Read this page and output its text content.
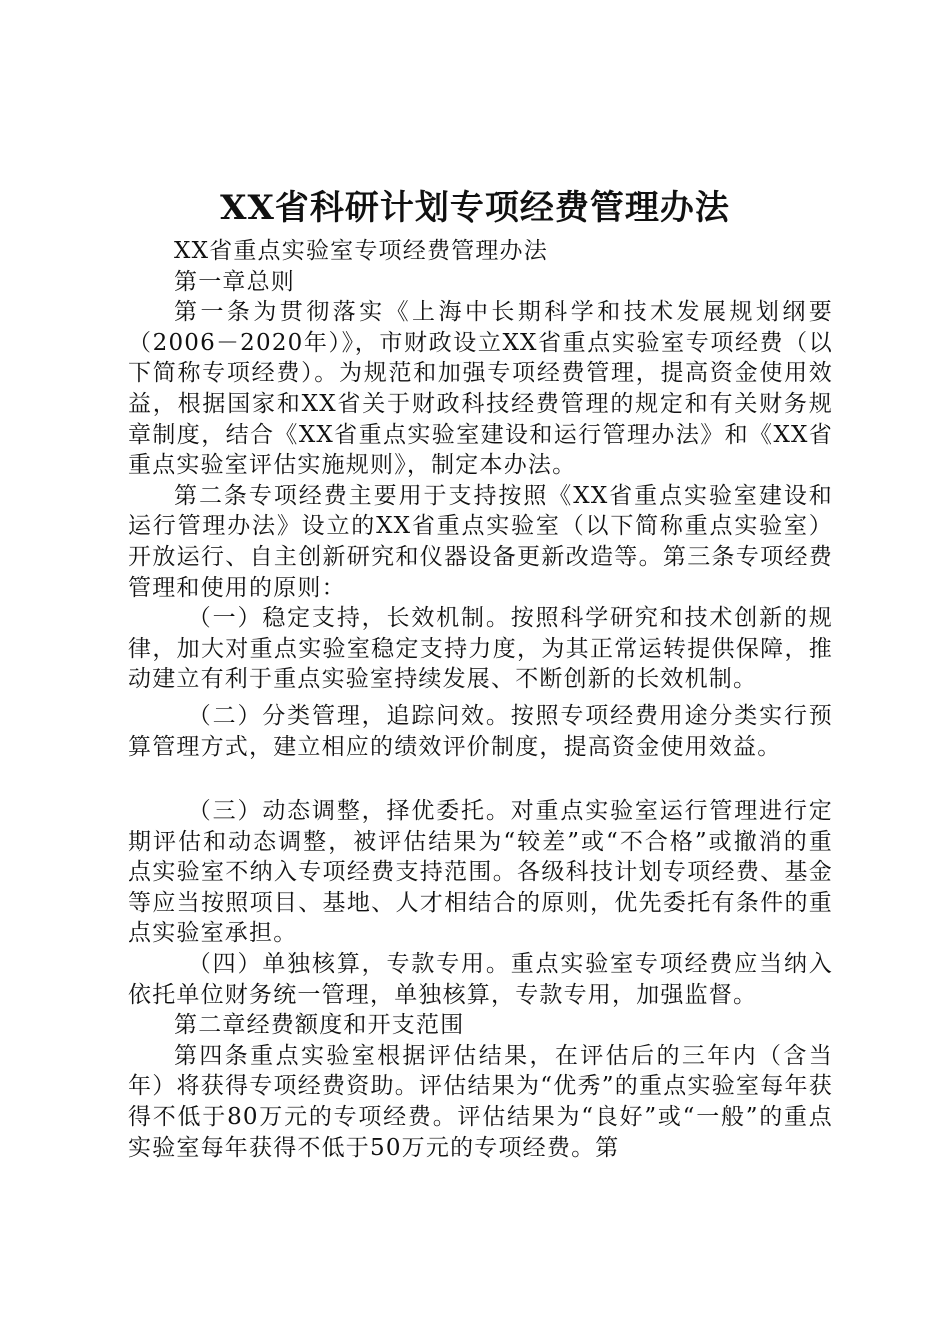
XX省科研计划专项经费管理办法

XX省重点实验室专项经费管理办法

第一章总则

第一条为贯彻落实《上海中长期科学和技术发展规划纲要（2006－2020年）》，市财政设立XX省重点实验室专项经费（以下简称专项经费）。为规范和加强专项经费管理，提高资金使用效益，根据国家和XX省关于财政科技经费管理的规定和有关财务规章制度，结合《XX省重点实验室建设和运行管理办法》和《XX省重点实验室评估实施规则》，制定本办法。

第二条专项经费主要用于支持按照《XX省重点实验室建设和运行管理办法》设立的XX省重点实验室（以下简称重点实验室）开放运行、自主创新研究和仪器设备更新改造等。第三条专项经费管理和使用的原则：

（一）稳定支持，长效机制。按照科学研究和技术创新的规律，加大对重点实验室稳定支持力度，为其正常运转提供保障，推动建立有利于重点实验室持续发展、不断创新的长效机制。

（二）分类管理，追踪问效。按照专项经费用途分类实行预算管理方式，建立相应的绩效评价制度，提高资金使用效益。

（三）动态调整，择优委托。对重点实验室运行管理进行定期评估和动态调整，被评估结果为“较差”或“不合格”或撤消的重点实验室不纳入专项经费支持范围。各级科技计划专项经费、基金等应当按照项目、基地、人才相结合的原则，优先委托有条件的重点实验室承担。

（四）单独核算，专款专用。重点实验室专项经费应当纳入依托单位财务统一管理，单独核算，专款专用，加强监督。

第二章经费额度和开支范围

第四条重点实验室根据评估结果，在评估后的三年内（含当年）将获得专项经费资助。评估结果为“优秀”的重点实验室每年获得不低于80万元的专项经费。评估结果为“良好”或“一般”的重点实验室每年获得不低于50万元的专项经费。第
